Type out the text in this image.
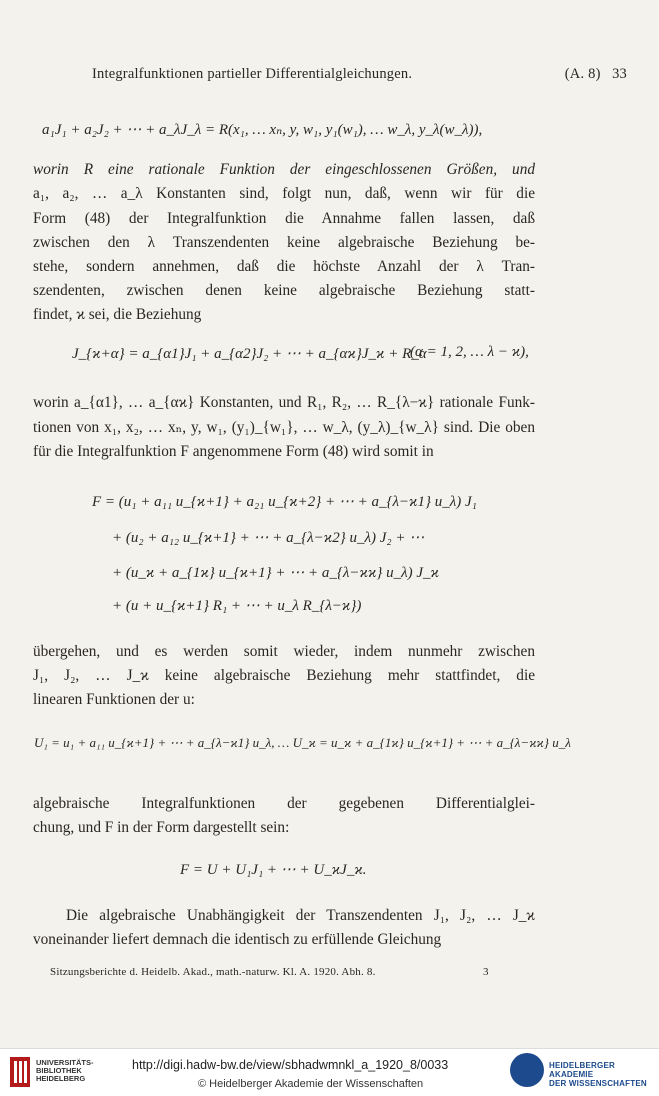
Integralfunktionen partieller Differentialgleichungen.	(A. 8) 33
a₁J₁ + a₂J₂ + ⋯ + a_λJ_λ = R(x₁, … xₙ, y, w₁, y₁(w₁), … w_λ, y_λ(w_λ)),
worin R eine rationale Funktion der eingeschlossenen Größen, und
a₁, a₂, … a_λ Konstanten sind, folgt nun, daß, wenn wir für die
Form (48) der Integralfunktion die Annahme fallen lassen, daß
zwischen den λ Transzendenten keine algebraische Beziehung be-
stehe, sondern annehmen, daß die höchste Anzahl der λ Tran-
szendenten, zwischen denen keine algebraische Beziehung statt-
findet, ϰ sei, die Beziehung
J_{ϰ+α} = a_{α1}J₁ + a_{α2}J₂ + ⋯ + a_{αϰ}J_ϰ + R_α
(α = 1, 2, … λ − ϰ),
worin a_{α1}, … a_{αϰ} Konstanten, und R₁, R₂, … R_{λ−ϰ} rationale Funk-
tionen von x₁, x₂, … xₙ, y, w₁, (y₁)_{w₁}, … w_λ, (y_λ)_{w_λ} sind. Die oben
für die Integralfunktion F angenommene Form (48) wird somit in
F = (u₁ + a₁₁ u_{ϰ+1} + a₂₁ u_{ϰ+2} + ⋯ + a_{λ−ϰ1} u_λ) J₁
+ (u₂ + a₁₂ u_{ϰ+1} + ⋯ + a_{λ−ϰ2} u_λ) J₂ + ⋯
+ (u_ϰ + a_{1ϰ} u_{ϰ+1} + ⋯ + a_{λ−ϰϰ} u_λ) J_ϰ
+ (u + u_{ϰ+1} R₁ + ⋯ + u_λ R_{λ−ϰ})
übergehen, und es werden somit wieder, indem nunmehr zwischen
J₁, J₂, … J_ϰ keine algebraische Beziehung mehr stattfindet, die
linearen Funktionen der u:
U₁ = u₁ + a₁₁ u_{ϰ+1} + ⋯ + a_{λ−ϰ1} u_λ, … U_ϰ = u_ϰ + a_{1ϰ} u_{ϰ+1} + ⋯ + a_{λ−ϰϰ} u_λ
algebraische Integralfunktionen der gegebenen Differentialglei-
chung, und F in der Form dargestellt sein:
F = U + U₁J₁ + ⋯ + U_ϰJ_ϰ.
Die algebraische Unabhängigkeit der Transzendenten J₁, J₂, … J_ϰ
voneinander liefert demnach die identisch zu erfüllende Gleichung
Sitzungsberichte d. Heidelb. Akad., math.-naturw. Kl. A. 1920. Abh. 8.	3
UNIVERSITÄTS-
BIBLIOTHEK
HEIDELBERG
http://digi.hadw-bw.de/view/sbhadwmnkl_a_1920_8/0033
© Heidelberger Akademie der Wissenschaften
HEIDELBERGER AKADEMIE
DER WISSENSCHAFTEN
